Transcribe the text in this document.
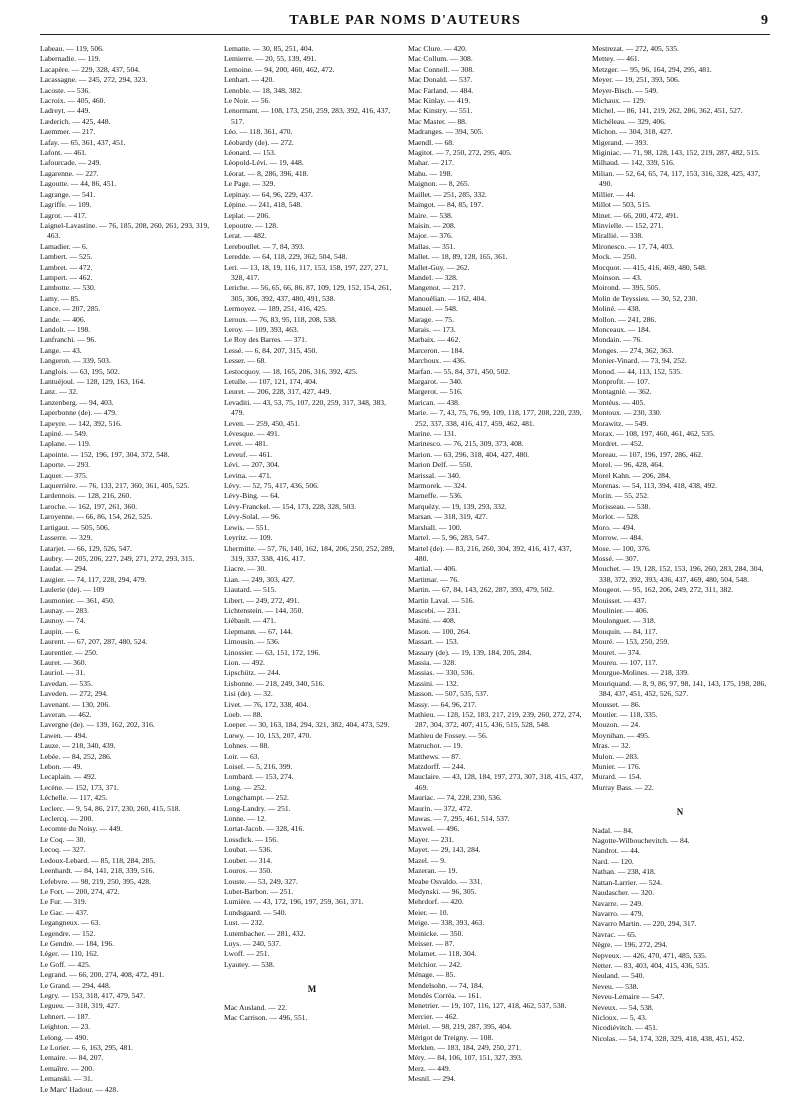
TABLE PAR NOMS D'AUTEURS	9
Labeau. — 119, 506.
Labernadie. — 119.
Lacapère. — 229, 328, 437, 504.
Lacassagne. — 245, 272, 294, 323.
Lacoste. — 536.
Lacroix. — 405, 460.
Ladreyt. — 449.
Læderich. — 425, 448.
Laemmer. — 217.
Lafay. — 65, 361, 437, 451.
Lafont. — 461.
Lafourcade. — 249.
Lagarenne. — 227.
Lagoutte. — 44, 86, 451.
Lagrange. — 541.
Lagriffe. — 109.
Lagrot. — 417.
Laignel-Lavastine. — 76, 185, 208, 260, 261, 293, 319, 463.
Lamadier. — 6.
Lambert. — 525.
Lambret. — 472.
Lampert. — 462.
Lambotte. — 530.
Lamy. — 85.
Lance. — 207, 285.
Lande. — 406.
Landolt. — 198.
Lanfranchi. — 96.
Lange. — 43.
Langeron. — 339, 503.
Langlois. — 63, 195, 502.
Lantuéjoul. — 128, 129, 163, 164.
Lanz. — 32.
Lanzenberg. — 94, 403.
Laperbonne (de). — 479.
Lapeyre. — 142, 392, 516.
Lapiné. — 549.
Laplane. — 119.
Lapointe. — 152, 196, 197, 304, 372, 548.
Laporte. — 293.
Laquer. — 375.
Laquerrière. — 76, 133, 217, 360, 361, 405, 525.
Lardennois. — 128, 216, 260.
Laroche. — 162, 197, 261, 360.
Laroyenne. — 66, 86, 154, 262, 525.
Lartigaut. — 505, 506.
Lasserre. — 329.
Latarjet. — 66, 129, 526, 547.
Laubry. — 205, 206, 227, 249, 271, 272, 293, 315.
Laudat. — 294.
Laugier. — 74, 117, 228, 294, 479.
Laulerie (de). — 109
Laumonier. — 361, 450.
Launay. — 283.
Launoy. — 74.
Laupin. — 6.
Laurent. — 67, 207, 287, 480, 524.
Laurentier. — 250.
Lauret. — 360.
Lauriol. — 31.
Lavedan. — 535.
Laveden. — 272, 294.
Lavenant. — 130, 206.
Laveran. — 462.
Lavergne (de). — 139, 162, 202, 316.
Lawen. — 494.
Lauze. — 218, 340, 439.
Lebée. — 84, 252, 286.
Lebon. — 49.
Lecaplain. — 492.
Lecène. — 152, 173, 371.
Léchelle. — 117, 425.
Leclerc. — 9, 54, 86, 217, 230, 260, 415, 518.
Leclercq. — 200.
Lecomte du Noisy. — 449.
Le Coq. — 30.
Lecoq. — 327.
Ledoux-Lebard. — 85, 118, 284, 285.
Leenhardt. — 84, 141, 218, 339, 516.
Lefebvre. — 98, 219, 250, 395, 428.
Le Fort. — 200, 274, 472.
Le Fur. — 319.
Le Gac. — 437.
Legangneux. — 63.
Legendre. — 152.
Le Gendre. — 184, 196.
Léger. — 110, 162.
Le Goff. — 425.
Legrand. — 66, 200, 274, 408, 472, 491.
Le Grand. — 294, 448.
Legry. — 153, 318, 417, 479, 547.
Legueu. — 318, 319, 427.
Lehnert. — 187.
Leighton. — 23.
Lelong. — 490.
Le Lorier. — 6, 163, 295, 481.
Lemaire. — 84, 207.
Lemaître. — 200.
Lemanski. — 31.
Le Marc' Hadour. — 428.
Lematte. — 30, 85, 251, 404.
Lemierre. — 20, 55, 139, 491.
Lemoine. — 94, 200, 460, 462, 472.
Lenhart. — 420.
Lenoble. — 18, 348, 382.
Le Noir. — 56.
Lenormant. — 108, 173, 250, 259, 283, 392, 416, 437, 517.
Léo. — 118, 361, 470.
Léobardy (de). — 272.
Léonard. — 153.
Léopold-Lévi. — 19, 448.
Léorat. — 8, 286, 396, 418.
Le Page. — 329.
Lepinay. — 64, 96, 229, 437.
Lépine. — 241, 418, 548.
Leplat. — 206.
Lepoutre. — 128.
Lerat. — 482.
Lereboullet. — 7, 84, 393.
Leredde. — 64, 118, 229, 362, 504, 548.
Leri. — 13, 18, 19, 116, 117, 153, 158, 197, 227, 271, 328, 417.
Leriche. — 56, 65, 66, 86, 87, 109, 129, 152, 154, 261, 305, 306, 392, 437, 480, 491, 538.
Lermoyez. — 189, 251, 416, 425.
Leroux. — 76, 83, 95, 118, 208, 538.
Leroy. — 109, 393, 463.
Le Roy des Barres. — 371.
Lessé. — 6, 84, 207, 315, 450.
Lesser. — 68.
Lestocquoy. — 18, 165, 206, 316, 392, 425.
Letulle. — 107, 121, 174, 404.
Leuret. — 206, 228, 317, 427, 449.
Levaditi. — 43, 53, 75, 107, 220, 259, 317, 348, 383, 479.
Leven. — 259, 450, 451.
Lévesque. — 491.
Levet. — 481.
Leveuf. — 461.
Lévi. — 207, 304.
Levina. — 471.
Lévy. — 52, 75, 417, 436, 506.
Lévy-Bing. — 64.
Lévy-Franckel. — 154, 173, 228, 328, 503.
Lévy-Solal. — 96.
Lewis. — 551.
Leyritz. — 109.
Lhermitte. — 57, 76, 140, 162, 184, 206, 250, 252, 289, 319, 337, 338, 416, 417.
Liacre. — 30.
Lian. — 249, 303, 427.
Liautard. — 515.
Libert. — 249, 272, 491.
Lichtenstein. — 144, 350.
Liébault. — 471.
Liepmann. — 67, 144.
Limousin. — 536.
Linossier. — 63, 151, 172, 196.
Lion. — 492.
Lipschütz. — 244.
Lisbonne. — 218, 249, 340, 516.
Lisi (de). — 32.
Livet. — 76, 172, 338, 404.
Loeb. — 88.
Loeper. — 30, 163, 184, 294, 321, 382, 404, 473, 529.
Lœwy. — 10, 153, 207, 470.
Lohnes. — 88.
Loir. — 63.
Loisel. — 5, 216, 399.
Lombard. — 153, 274.
Long. — 252.
Longchampt. — 252.
Long-Landry. — 251.
Lonne. — 12.
Lortat-Jacob. — 328, 416.
Lossdick. — 156.
Loubat. — 536.
Loubet. — 314.
Louros. — 350.
Louste. — 53, 249, 327.
Lubet-Barbon. — 251.
Lumière. — 43, 172, 196, 197, 259, 361, 371.
Lundsgaard. — 540.
Lust. — 232.
Lutembacher. — 281, 432.
Luys. — 240, 537.
Lwoff. — 251.
Lyautey. — 538.
M
Mac Ausland. — 22.
Mac Carrison. — 496, 551.
Mac Clure. — 420.
Mac Collum. — 308.
Mac Connell. — 308.
Mac Donald. — 537.
Mac Farland. — 484.
Mac Kinlay. — 419.
Mac Kinstry. — 551.
Mac Master. — 88.
Madranges. — 394, 505.
Maendl. — 68.
Magitot. — 7, 250, 272, 295, 405.
Mahar. — 217.
Mahu. — 198.
Maignon. — 8, 265.
Maillet. — 251, 285, 332.
Maingot. — 84, 85, 197.
Maire. — 538.
Maisin. — 208.
Major. — 376.
Mallas. — 351.
Mallet. — 18, 89, 128, 165, 361.
Mallet-Guy. — 262.
Mandel. — 328.
Mangenot. — 217.
Manouélian. — 162, 404.
Manuel. — 548.
Marage. — 75.
Marais. — 173.
Marbaix. — 462.
Marceron. — 184.
Marchoux. — 436.
Marfan. — 55, 84, 371, 450, 502.
Margarot. — 340.
Margerot. — 516.
Marican. — 438.
Marie. — 7, 43, 75, 76, 99, 109, 118, 177, 208, 220, 239, 252, 337, 338, 416, 417, 459, 462, 481.
Marine. — 131.
Marinesco. — 76, 215, 309, 373, 408.
Marion. — 63, 296, 318, 404, 427, 480.
Marion Delf. — 550.
Marissal. — 340.
Marmorek. — 324.
Marneffe. — 536.
Marquézy. — 19, 139, 293, 332.
Marsan. — 318, 319, 427.
Marshall. — 100.
Martel. — 5, 96, 283, 547.
Martel (de). — 83, 216, 260, 304, 392, 416, 417, 437, 480.
Martial. — 406.
Martimar. — 76.
Martin. — 67, 84, 143, 262, 287, 393, 479, 502.
Martin Laval. — 516.
Mascebi. — 231.
Masini. — 408.
Mason. — 100, 264.
Massart. — 153.
Massary (de). — 19, 139, 184, 205, 284.
Massia. — 328.
Massias. — 330, 536.
Massini. — 132.
Masson. — 507, 535, 537.
Massy. — 64, 96, 217.
Mathieu. — 128, 152, 183, 217, 219, 239, 260, 272, 274, 287, 304, 372, 407, 415, 436, 515, 528, 548.
Mathieu de Fossey. — 56.
Matruchot. — 19.
Matthews. — 87.
Matzdorff. — 244.
Mauclaire. — 43, 128, 184, 197, 273, 307, 318, 415, 437, 469.
Mauriac. — 74, 228, 230, 536.
Maurin. — 372, 472.
Mawas. — 7, 295, 461, 514, 537.
Maxwel. — 496.
Mayer. — 231.
Mayet. — 29, 143, 284.
Mazel. — 9.
Mazeran. — 19.
Meabe Osvaldo. — 331.
Medynski. — 96, 305.
Mehrdorf. — 420.
Meier. — 10.
Meige. — 338, 393, 463.
Meinicke. — 350.
Meisser. — 87.
Melamet. — 118, 304.
Melchior. — 242.
Ménage. — 85.
Mendelsohn. — 74, 184.
Mendès Corréa. — 161.
Menetrier. — 19, 107, 116, 127, 418, 462, 537, 538.
Mercier. — 462.
Mériel. — 98, 219, 287, 395, 404.
Mérigot de Treigny. — 108.
Merklen. — 183, 184, 249, 250, 271.
Méry. — 84, 106, 107, 151, 327, 393.
Merz. — 449.
Mesnil. — 294.
Mestrezat. — 272, 405, 535.
Mettey. — 461.
Metzger. — 95, 96, 164, 294, 295, 481.
Meyer. — 19, 251, 393, 506.
Meyer-Bisch. — 549.
Michaux. — 129.
Michel. — 86, 141, 219, 262, 286, 362, 451, 527.
Michéleau. — 329, 406.
Michon. — 304, 318, 427.
Migerand. — 393.
Miginiac. — 71, 98, 128, 143, 152, 219, 287, 482, 515.
Milhaud. — 142, 339, 516.
Milian. — 52, 64, 65, 74, 117, 153, 316, 328, 425, 437, 490.
Millier. — 44.
Millot — 503, 515.
Minet. — 66, 200, 472, 491.
Minvielle. — 152, 271.
Mirallié. — 338.
Mironesco. — 17, 74, 403.
Mock. — 250.
Mocquot. — 415, 416, 469, 480, 548.
Moinson. — 43.
Moirond. — 395, 505.
Molin de Teyssieu. — 30, 52, 230.
Moliné. — 438.
Mollon. — 241, 286.
Monceaux. — 184.
Mondain. — 76.
Monges. — 274, 362, 363.
Monier-Vinard. — 73, 94, 252.
Monod. — 44, 113, 152, 535.
Monprofit. — 107.
Montagnié. — 362.
Montéus. — 405.
Montoux. — 230, 330.
Morawitz. — 549.
Morax. — 108, 197, 460, 461, 462, 535.
Mordret. — 452.
Moreau. — 107, 196, 197, 286, 462.
Morel. — 96, 428, 464.
Morel Kahn. — 206, 284.
Morenas. — 54, 113, 394, 418, 438, 492.
Morin. — 55, 252.
Morisseau. — 538.
Morlot. — 528.
Moro. — 494.
Morrow. — 484.
Mose. — 100, 376.
Mossé. — 307.
Mouchet. — 19, 128, 152, 153, 196, 260, 283, 284, 304, 338, 372, 392, 393, 436, 437, 469, 480, 504, 548.
Mougeot. — 95, 162, 206, 249, 272, 311, 382.
Mouisset. — 437.
Moulinier. — 406.
Moulonguet. — 318.
Mouquin. — 84, 117.
Mouré. — 153, 250, 259.
Mouret. — 374.
Moureu. — 107, 117.
Mourgue-Molines. — 218, 339.
Mouriquand. — 8, 9, 86, 97, 98, 141, 143, 175, 198, 286, 384, 437, 451, 452, 526, 527.
Mousset. — 86.
Moutier. — 118, 335.
Mouzon. — 24.
Moynihan. — 495.
Mras. — 32.
Mulon. — 283.
Munier. — 176.
Murard. — 154.
Murray Bass. — 22.
N
Nadal. — 84.
Nagotte-Wilbouchevitch. — 84.
Nandrot. — 44.
Nard. — 120.
Nathan. — 238, 418.
Nattan-Larrier. — 524.
Naudascher. — 320.
Navarre. — 249.
Navarro. — 479.
Navarro Martin. — 220, 294, 317.
Navrac. — 65.
Nègre. — 196, 272, 294.
Nepveux. — 426, 470, 471, 485, 535.
Netter. — 83, 403, 404, 415, 436, 535.
Neuland. — 540.
Neveu. — 538.
Neveu-Lemaire — 547.
Neveux. — 54, 538.
Nicloux. — 5, 43.
Nicodiévitch. — 451.
Nicolas. — 54, 174, 328, 329, 418, 438, 451, 452.
